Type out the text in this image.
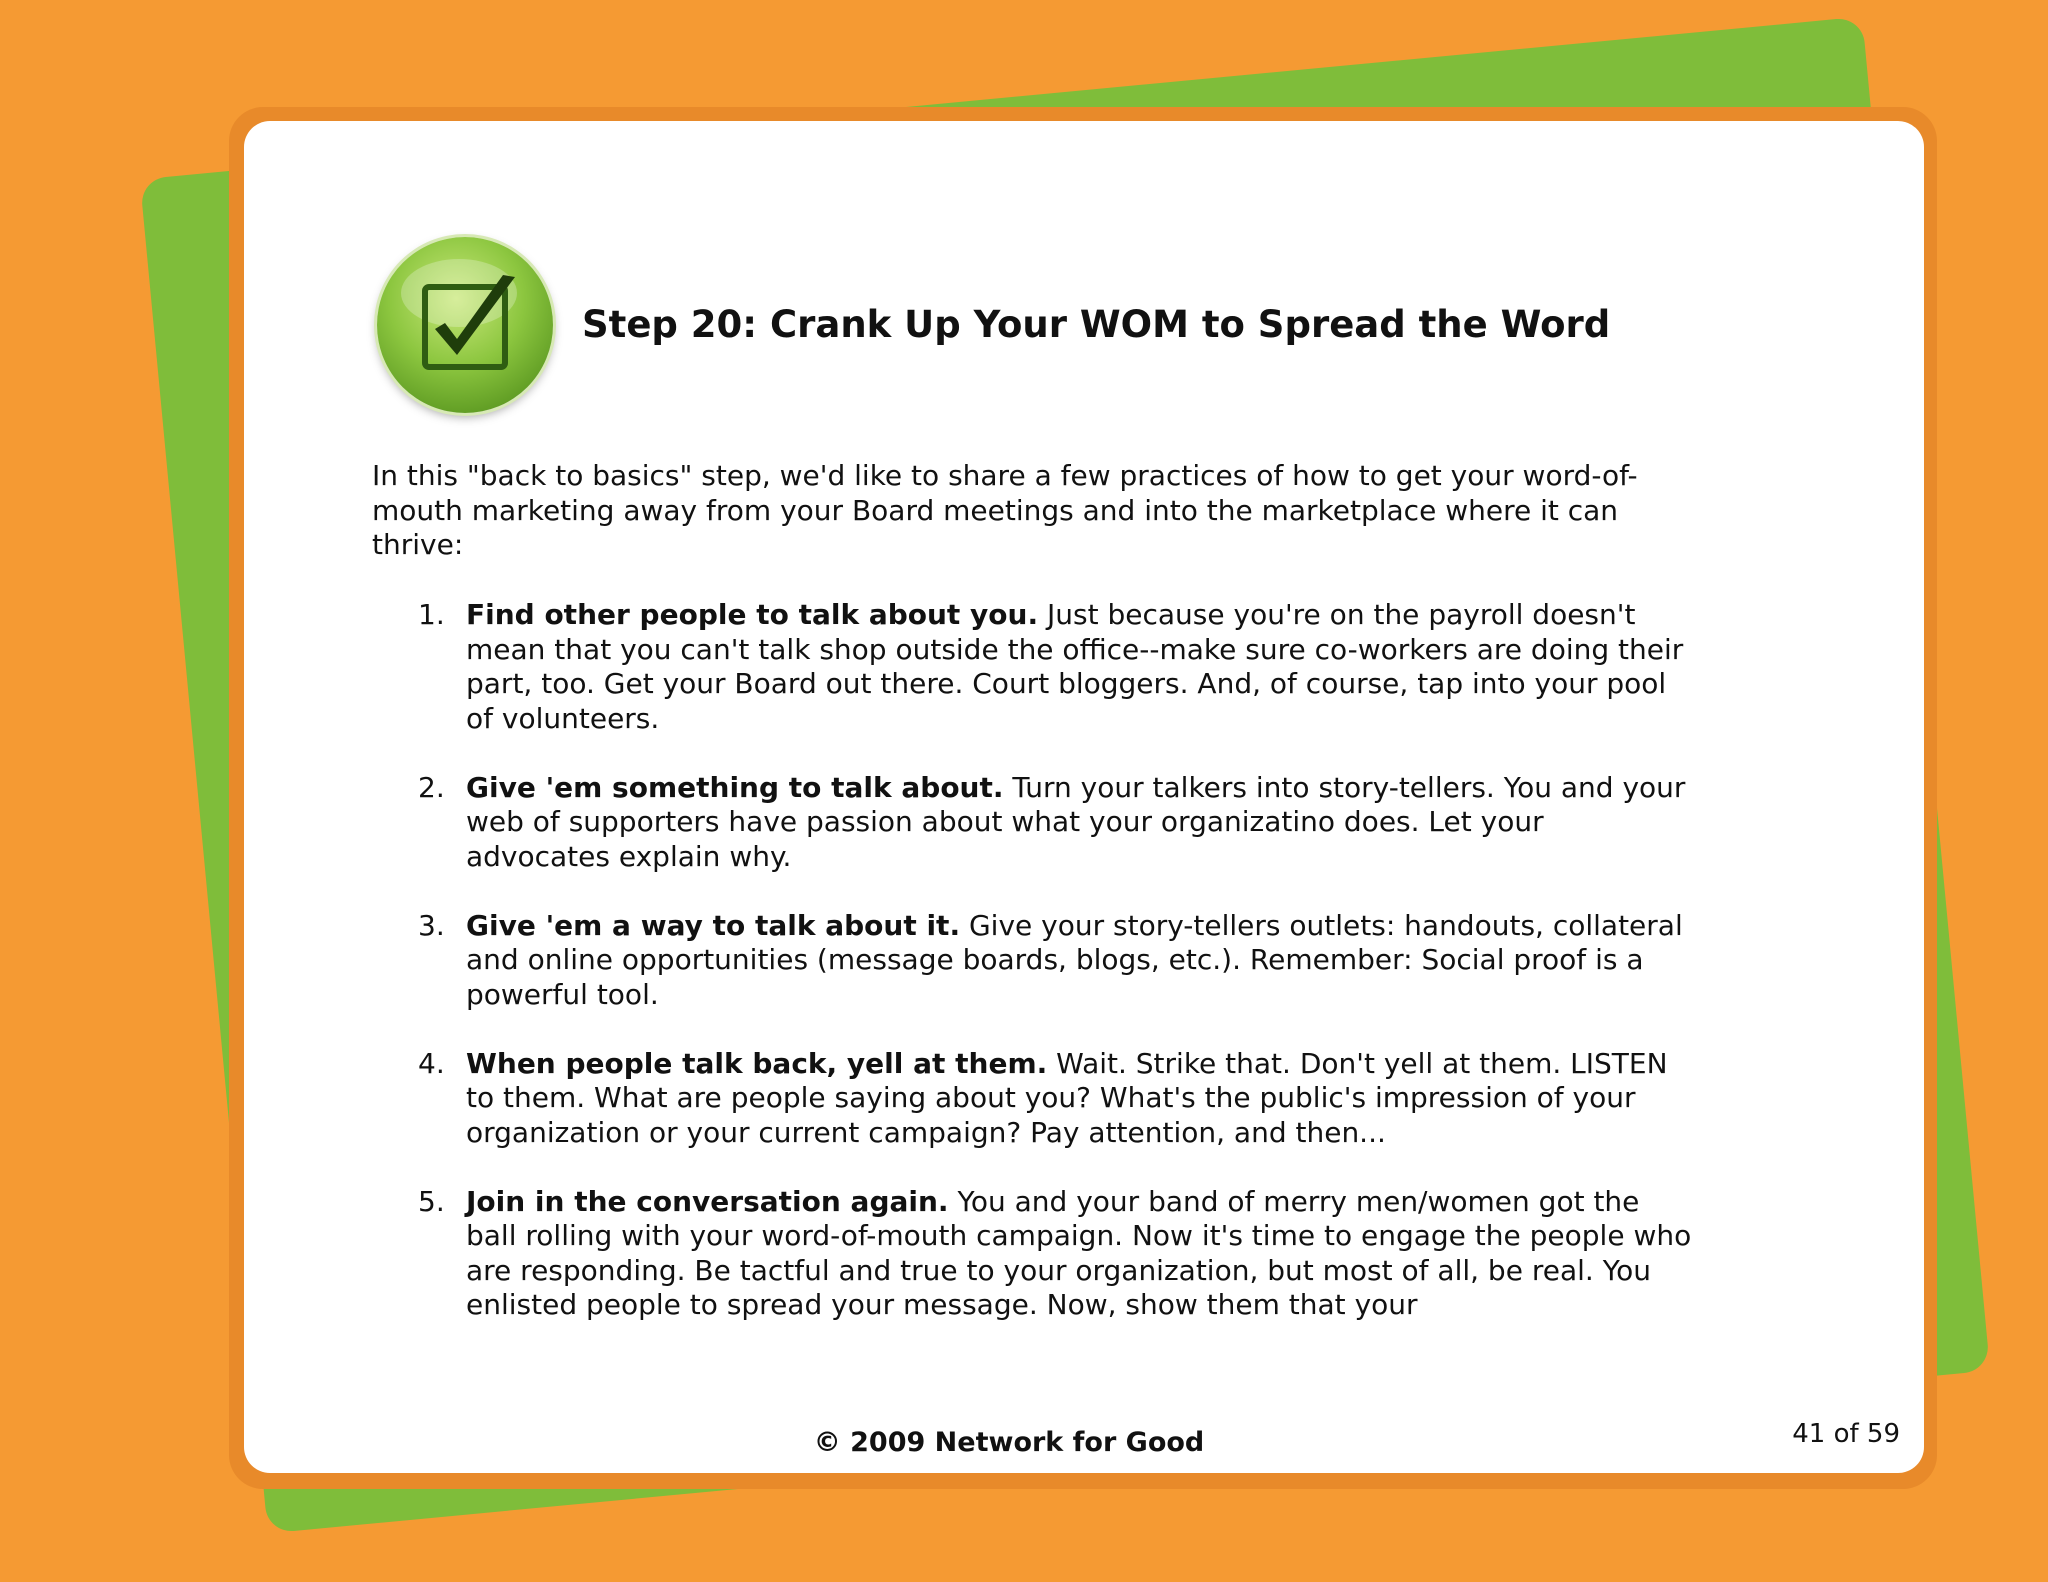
Step 20: Crank Up Your WOM to Spread the Word

In this "back to basics" step, we'd like to share a few practices of how to get your word-of-mouth marketing away from your Board meetings and into the marketplace where it can thrive:

1. Find other people to talk about you. Just because you're on the payroll doesn't mean that you can't talk shop outside the office--make sure co-workers are doing their part, too. Get your Board out there. Court bloggers. And, of course, tap into your pool of volunteers.
2. Give 'em something to talk about. Turn your talkers into story-tellers. You and your web of supporters have passion about what your organizatino does. Let your advocates explain why.
3. Give 'em a way to talk about it. Give your story-tellers outlets: handouts, collateral and online opportunities (message boards, blogs, etc.). Remember: Social proof is a powerful tool.
4. When people talk back, yell at them. Wait. Strike that. Don't yell at them. LISTEN to them. What are people saying about you? What's the public's impression of your organization or your current campaign? Pay attention, and then...
5. Join in the conversation again. You and your band of merry men/women got the ball rolling with your word-of-mouth campaign. Now it's time to engage the people who are responding. Be tactful and true to your organization, but most of all, be real. You enlisted people to spread your message. Now, show them that your
© 2009 Network for Good	41 of 59
